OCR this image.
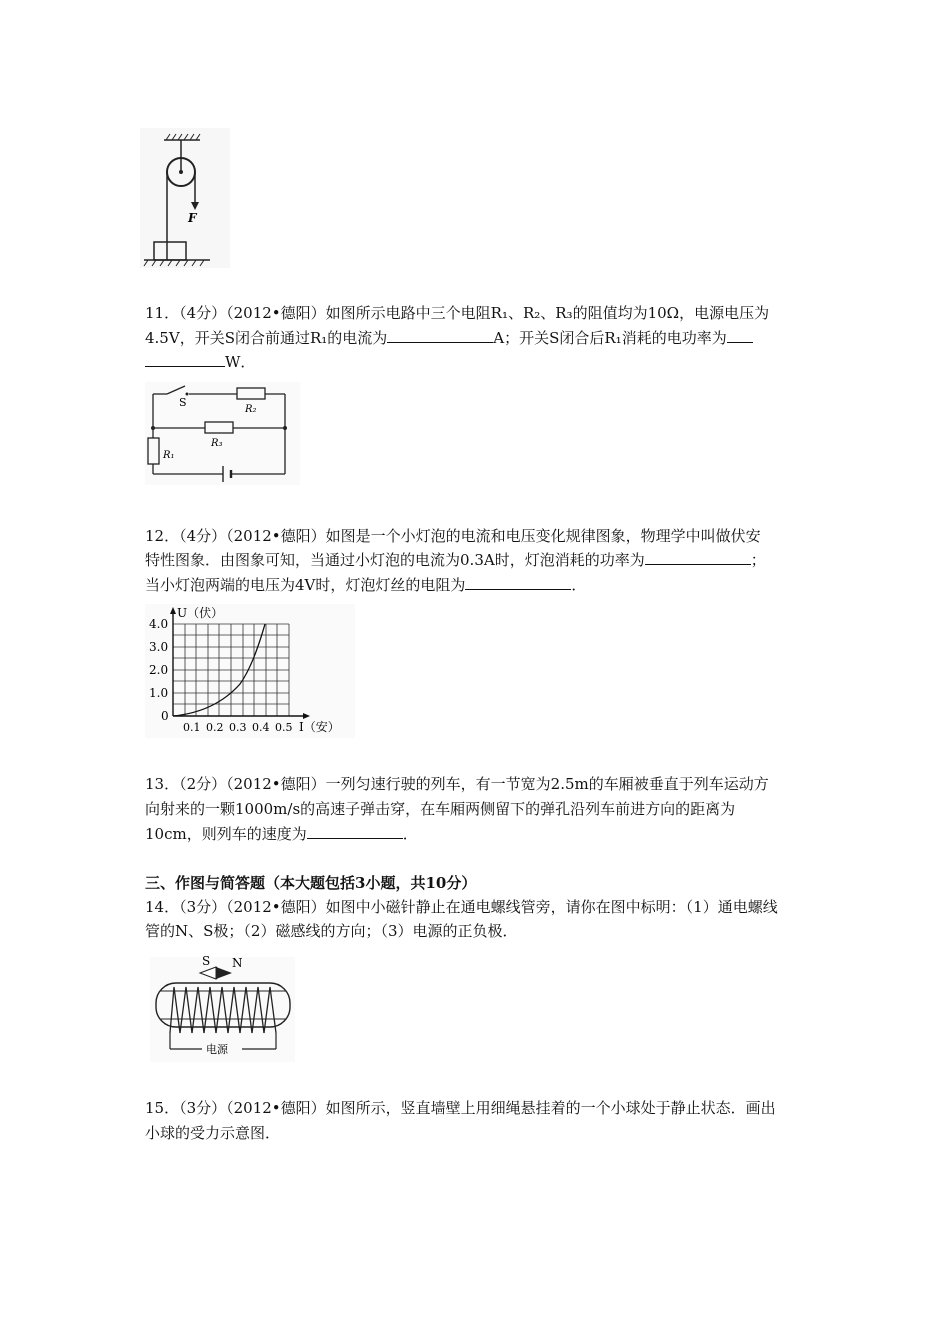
F
11．（4分）（2012•德阳）如图所示电路中三个电阻R₁、R₂、R₃的阻值均为10Ω，电源电压为
4.5V，开关S闭合前通过R₁的电流为	A；开关S闭合后R₁消耗的电功率为
W．
S
R₂
R₃
R₁
12．（4分）（2012•德阳）如图是一个小灯泡的电流和电压变化规律图象，物理学中叫做伏安
特性图象．由图象可知，当通过小灯泡的电流为0.3A时，灯泡消耗的功率为	；
当小灯泡两端的电压为4V时，灯泡灯丝的电阻为	．
U（伏）
4.0
3.0
2.0
1.0
0
0.1 0.2 0.3 0.4 0.5 I（安）
13．（2分）（2012•德阳）一列匀速行驶的列车，有一节宽为2.5m的车厢被垂直于列车运动方
向射来的一颗1000m/s的高速子弹击穿，在车厢两侧留下的弹孔沿列车前进方向的距离为
10cm，则列车的速度为	．
三、作图与简答题（本大题包括3小题，共10分）
14．（3分）（2012•德阳）如图中小磁针静止在通电螺线管旁，请你在图中标明：（1）通电螺线
管的N、S极；（2）磁感线的方向；（3）电源的正负极．
S N
电源
15．（3分）（2012•德阳）如图所示，竖直墙壁上用细绳悬挂着的一个小球处于静止状态．画出
小球的受力示意图．
